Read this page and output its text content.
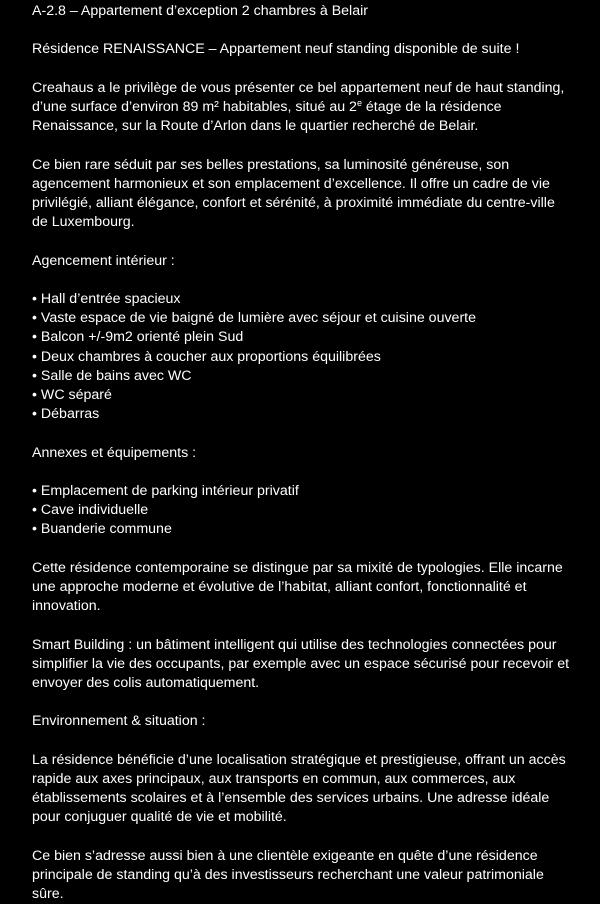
A-2.8 – Appartement d’exception 2 chambres à Belair

Résidence RENAISSANCE – Appartement neuf standing disponible de suite !

Creahaus a le privilège de vous présenter ce bel appartement neuf de haut standing, d’une surface d’environ 89 m² habitables, situé au 2e étage de la résidence Renaissance, sur la Route d’Arlon dans le quartier recherché de Belair.

Ce bien rare séduit par ses belles prestations, sa luminosité généreuse, son agencement harmonieux et son emplacement d’excellence. Il offre un cadre de vie privilégié, alliant élégance, confort et sérénité, à proximité immédiate du centre-ville de Luxembourg.

Agencement intérieur :

• Hall d’entrée spacieux
• Vaste espace de vie baigné de lumière avec séjour et cuisine ouverte
• Balcon +/-9m2 orienté plein Sud
• Deux chambres à coucher aux proportions équilibrées
• Salle de bains avec WC
• WC séparé
• Débarras

Annexes et équipements :

• Emplacement de parking intérieur privatif
• Cave individuelle
• Buanderie commune

Cette résidence contemporaine se distingue par sa mixité de typologies. Elle incarne une approche moderne et évolutive de l’habitat, alliant confort, fonctionnalité et innovation.

Smart Building : un bâtiment intelligent qui utilise des technologies connectées pour simplifier la vie des occupants, par exemple avec un espace sécurisé pour recevoir et envoyer des colis automatiquement.

Environnement & situation :

La résidence bénéficie d’une localisation stratégique et prestigieuse, offrant un accès rapide aux axes principaux, aux transports en commun, aux commerces, aux établissements scolaires et à l’ensemble des services urbains. Une adresse idéale pour conjuguer qualité de vie et mobilité.

Ce bien s’adresse aussi bien à une clientèle exigeante en quête d’une résidence principale de standing qu’à des investisseurs recherchant une valeur patrimoniale sûre.
